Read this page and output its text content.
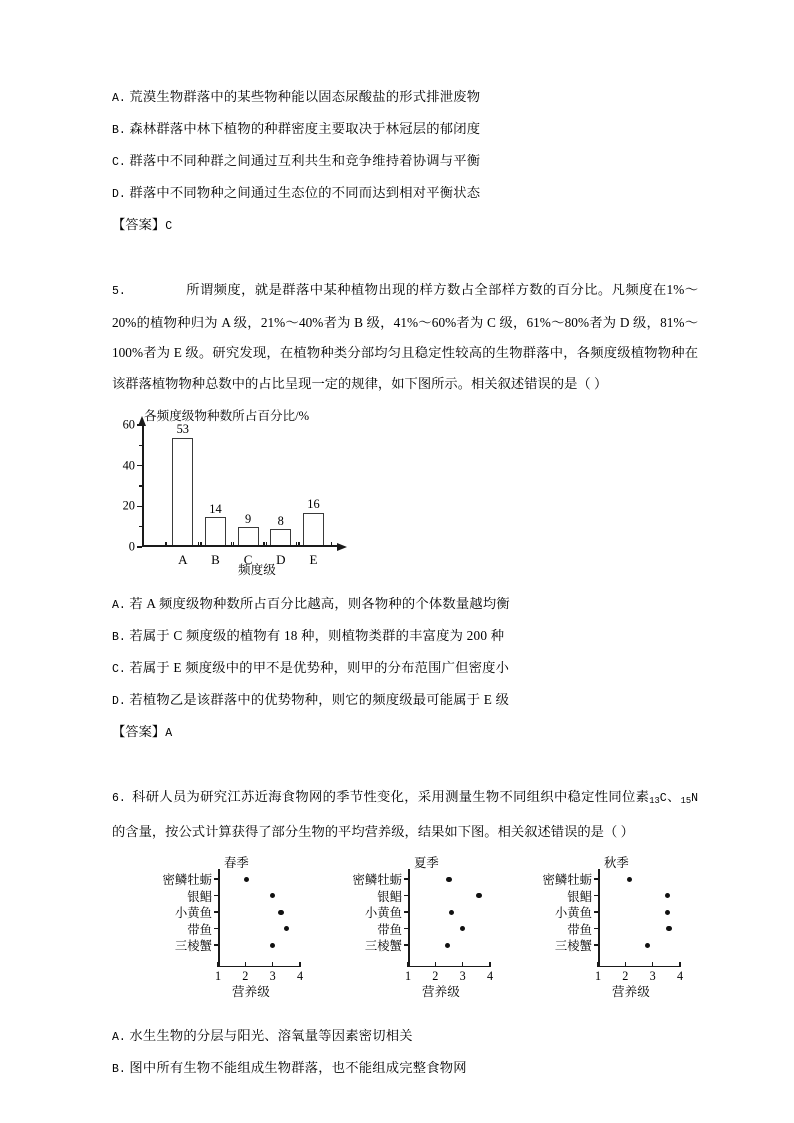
A. 荒漠生物群落中的某些物种能以固态尿酸盐的形式排泄废物
B. 森林群落中林下植物的种群密度主要取决于林冠层的郁闭度
C. 群落中不同种群之间通过互利共生和竞争维持着协调与平衡
D. 群落中不同物种之间通过生态位的不同而达到相对平衡状态
【答案】C
5.	所谓频度，就是群落中某种植物出现的样方数占全部样方数的百分比。凡频度在1%～20%的植物种归为 A 级，21%～40%者为 B 级，41%～60%者为 C 级，61%～80%者为 D 级，81%～100%者为 E 级。研究发现，在植物种类分部均匀且稳定性较高的生物群落中，各频度级植物物种在该群落植物物种总数中的占比呈现一定的规律，如下图所示。相关叙述错误的是（ ）
各频度级物种数所占百分比/%
0
20
40
60	53
A
14
B
9
C
8
D
16
E
频度级
A. 若 A 频度级物种数所占百分比越高，则各物种的个体数量越均衡
B. 若属于 C 频度级的植物有 18 种，则植物类群的丰富度为 200 种
C. 若属于 E 频度级中的甲不是优势种，则甲的分布范围广但密度小
D. 若植物乙是该群落中的优势物种，则它的频度级最可能属于 E 级
【答案】A
6. 科研人员为研究江苏近海食物网的季节性变化，采用测量生物不同组织中稳定性同位素$_{13}$C、$_{15}$N 的含量，按公式计算获得了部分生物的平均营养级，结果如下图。相关叙述错误的是（ ）
春季
密鳞牡蛎
银鲳
小黄鱼
带鱼
三棱蟹
1 2 3 4
营养级
夏季
密鳞牡蛎
银鲳
小黄鱼
带鱼
三棱蟹
1 2 3 4
营养级
秋季
密鳞牡蛎
银鲳
小黄鱼
带鱼
三棱蟹
1 2 3 4
营养级
A. 水生生物的分层与阳光、溶氧量等因素密切相关
B. 图中所有生物不能组成生物群落，也不能组成完整食物网
